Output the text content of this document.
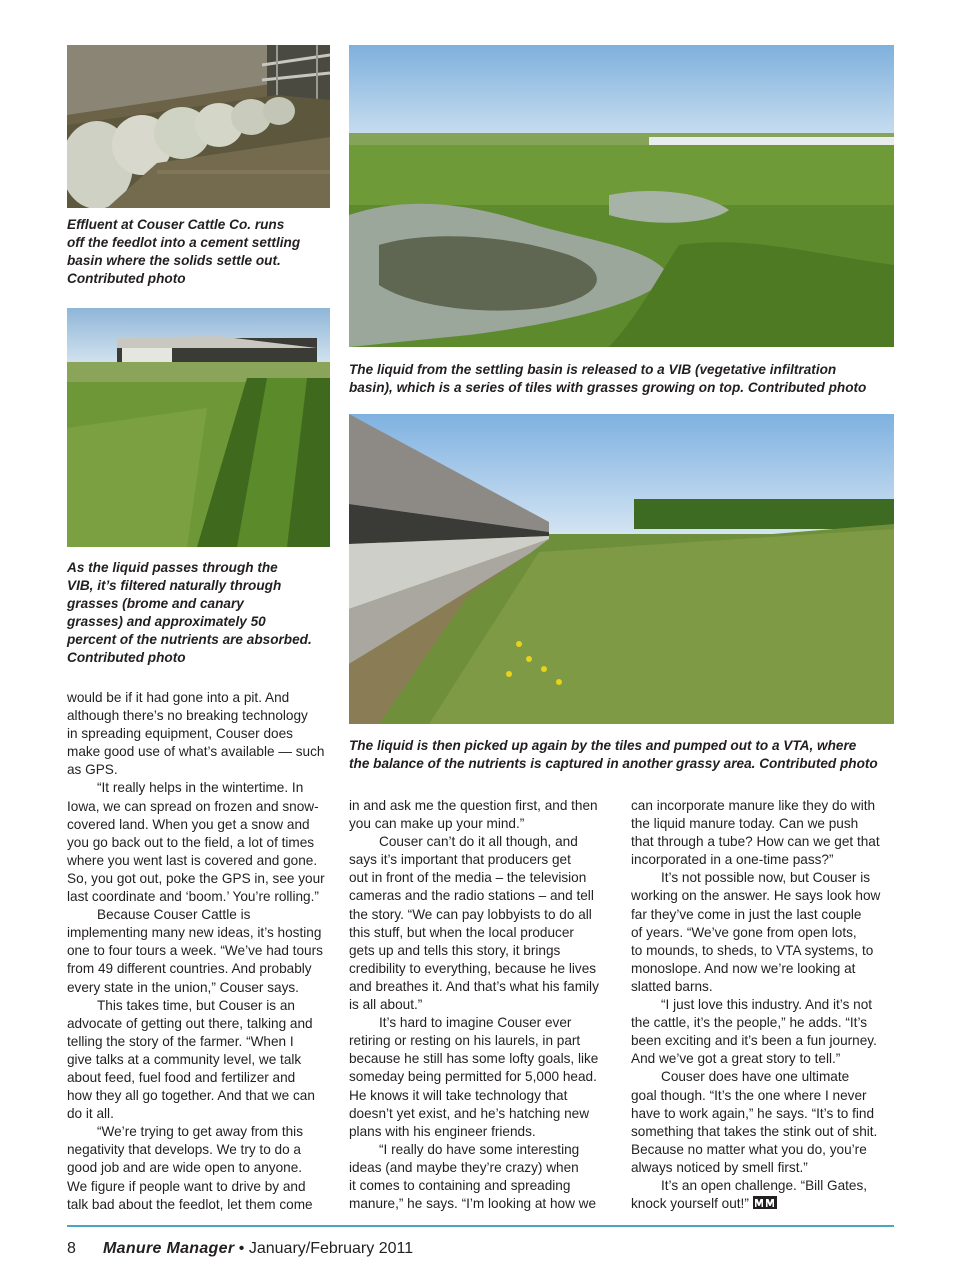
Effluent at Couser Cattle Co. runs
off the feedlot into a cement settling
basin where the solids settle out.
Contributed photo

The liquid from the settling basin is released to a VIB (vegetative infiltration
basin), which is a series of tiles with grasses growing on top. Contributed photo

As the liquid passes through the
VIB, it’s filtered naturally through
grasses (brome and canary
grasses) and approximately 50
percent of the nutrients are absorbed.
Contributed photo

The liquid is then picked up again by the tiles and pumped out to a VTA, where
the balance of the nutrients is captured in another grassy area. Contributed photo

would be if it had gone into a pit. And
although there’s no breaking technology
in spreading equipment, Couser does
make good use of what’s available — such
as GPS.

“It really helps in the wintertime. In
Iowa, we can spread on frozen and snow-
covered land. When you get a snow and
you go back out to the field, a lot of times
where you went last is covered and gone.
So, you got out, poke the GPS in, see your
last coordinate and ‘boom.’ You’re rolling.”

Because Couser Cattle is
implementing many new ideas, it’s hosting
one to four tours a week. “We’ve had tours
from 49 different countries. And probably
every state in the union,” Couser says.

This takes time, but Couser is an
advocate of getting out there, talking and
telling the story of the farmer. “When I
give talks at a community level, we talk
about feed, fuel food and fertilizer and
how they all go together. And that we can
do it all.

“We’re trying to get away from this
negativity that develops. We try to do a
good job and are wide open to anyone.
We figure if people want to drive by and
talk bad about the feedlot, let them come

in and ask me the question first, and then
you can make up your mind.”

Couser can’t do it all though, and
says it’s important that producers get
out in front of the media – the television
cameras and the radio stations – and tell
the story. “We can pay lobbyists to do all
this stuff, but when the local producer
gets up and tells this story, it brings
credibility to everything, because he lives
and breathes it. And that’s what his family
is all about.”

It’s hard to imagine Couser ever
retiring or resting on his laurels, in part
because he still has some lofty goals, like
someday being permitted for 5,000 head.
He knows it will take technology that
doesn’t yet exist, and he’s hatching new
plans with his engineer friends.

“I really do have some interesting
ideas (and maybe they’re crazy) when
it comes to containing and spreading
manure,” he says. “I’m looking at how we

can incorporate manure like they do with
the liquid manure today. Can we push
that through a tube? How can we get that
incorporated in a one-time pass?”

It’s not possible now, but Couser is
working on the answer. He says look how
far they’ve come in just the last couple
of years. “We’ve gone from open lots,
to mounds, to sheds, to VTA systems, to
monoslope. And now we’re looking at
slatted barns.

“I just love this industry. And it’s not
the cattle, it’s the people,” he adds. “It’s
been exciting and it’s been a fun journey.
And we’ve got a great story to tell.”

Couser does have one ultimate
goal though. “It’s the one where I never
have to work again,” he says. “It’s to find
something that takes the stink out of shit.
Because no matter what you do, you’re
always noticed by smell first.”

It’s an open challenge. “Bill Gates,
knock yourself out!”

8 Manure Manager • January/February 2011
